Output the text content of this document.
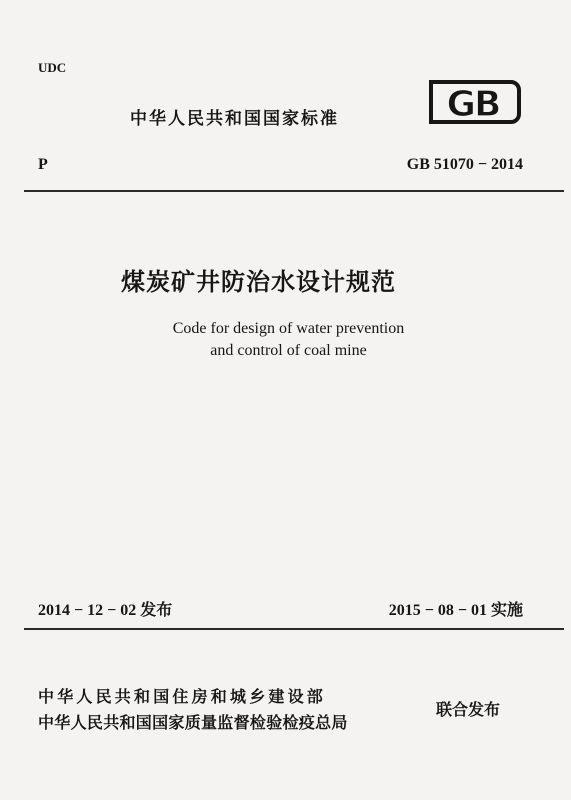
UDC
中华人民共和国国家标准	GB
P	GB 51070 − 2014
煤炭矿井防治水设计规范
Code for design of water prevention
and control of coal mine
2014 − 12 − 02 发布	2015 − 08 − 01 实施
中华人民共和国住房和城乡建设部
中华人民共和国国家质量监督检验检疫总局
联合发布
